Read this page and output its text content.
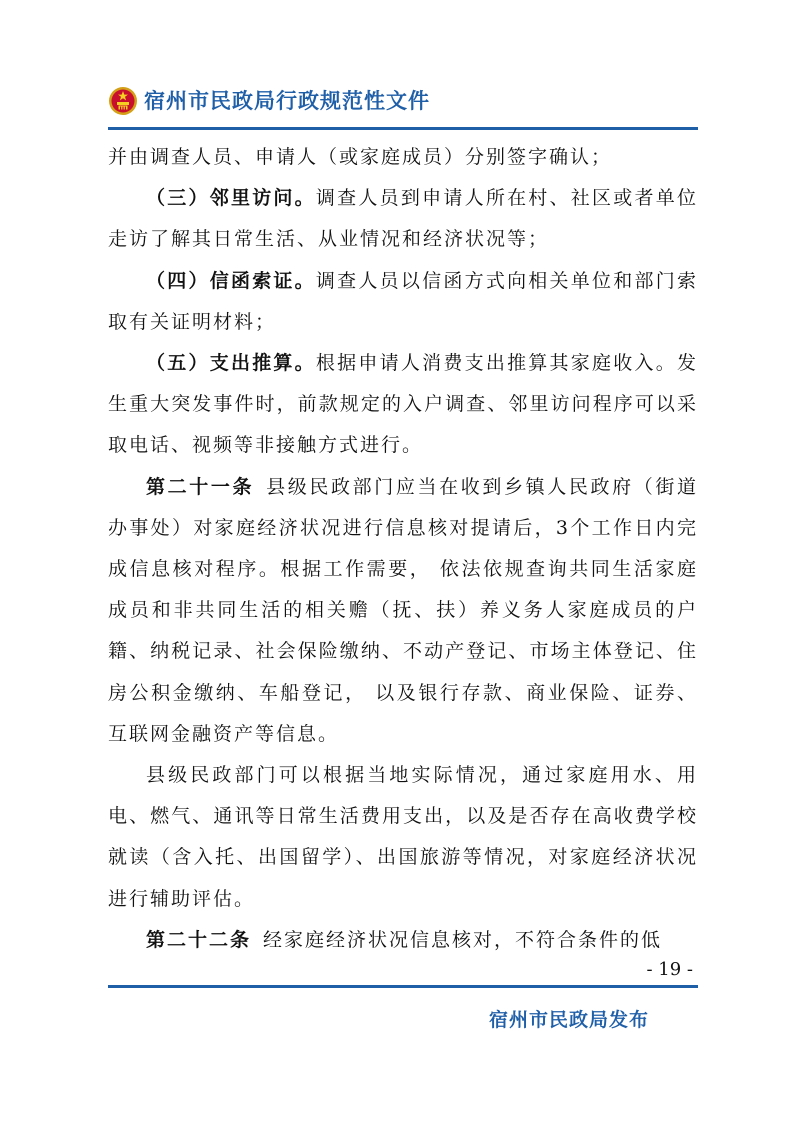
宿州市民政局行政规范性文件

并由调查人员、申请人（或家庭成员）分别签字确认；

（三）邻里访问。调查人员到申请人所在村、社区或者单位走访了解其日常生活、从业情况和经济状况等；

（四）信函索证。调查人员以信函方式向相关单位和部门索取有关证明材料；

（五）支出推算。根据申请人消费支出推算其家庭收入。发生重大突发事件时，前款规定的入户调查、邻里访问程序可以采取电话、视频等非接触方式进行。

第二十一条 县级民政部门应当在收到乡镇人民政府（街道办事处）对家庭经济状况进行信息核对提请后，3个工作日内完成信息核对程序。根据工作需要， 依法依规查询共同生活家庭成员和非共同生活的相关赡（抚、扶）养义务人家庭成员的户籍、纳税记录、社会保险缴纳、不动产登记、市场主体登记、住房公积金缴纳、车船登记， 以及银行存款、商业保险、证券、互联网金融资产等信息。

县级民政部门可以根据当地实际情况，通过家庭用水、用电、燃气、通讯等日常生活费用支出，以及是否存在高收费学校就读（含入托、出国留学）、出国旅游等情况，对家庭经济状况进行辅助评估。

第二十二条 经家庭经济状况信息核对，不符合条件的低

- 19 -
宿州市民政局发布
